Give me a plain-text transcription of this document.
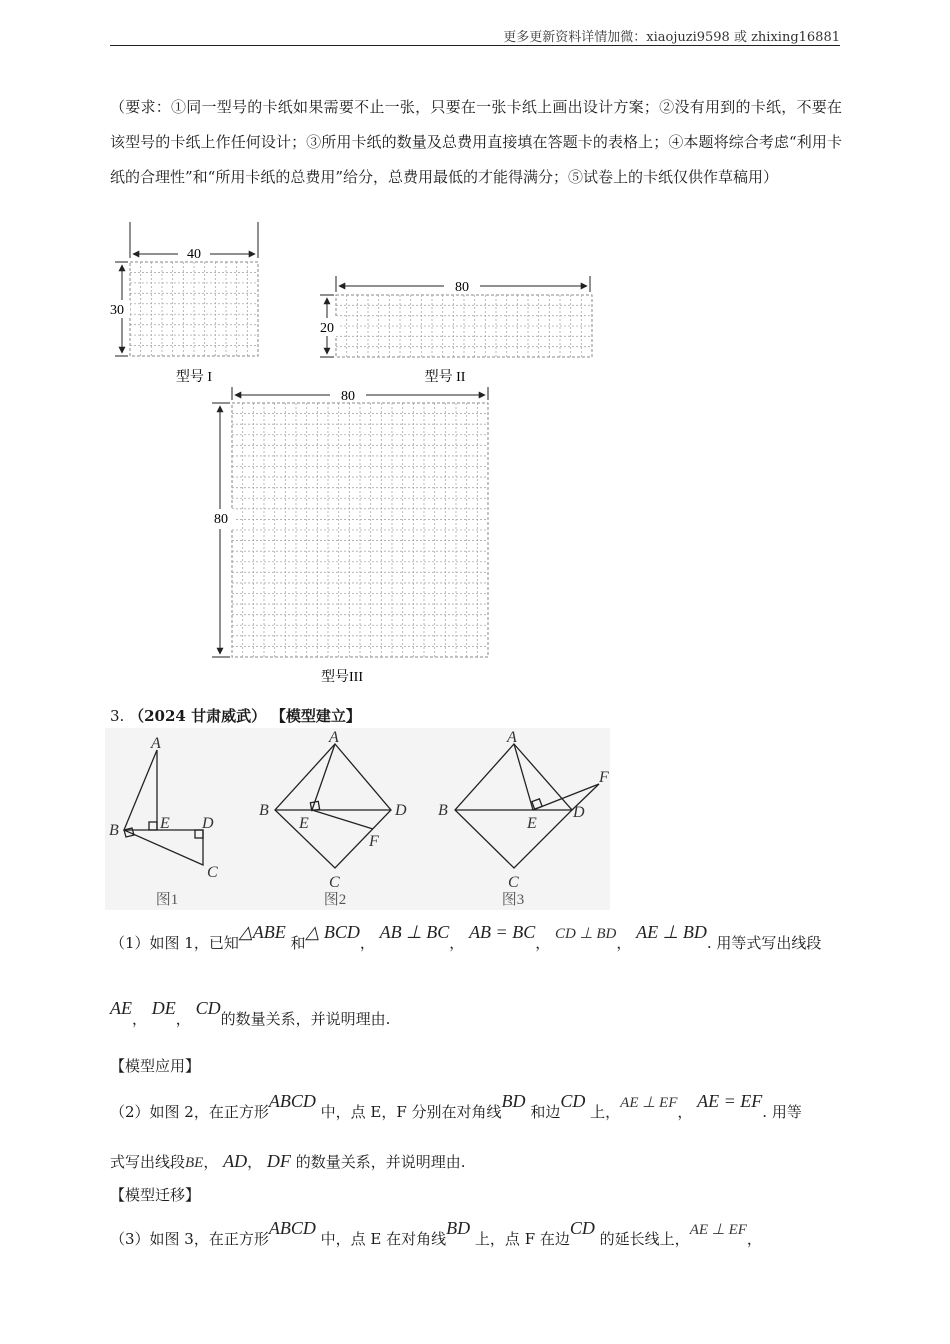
更多更新资料详情加微：xiaojuzi9598 或 zhixing16881
（要求：①同一型号的卡纸如果需要不止一张，只要在一张卡纸上画出设计方案；②没有用到的卡纸，不要在该型号的卡纸上作任何设计；③所用卡纸的数量及总费用直接填在答题卡的表格上；④本题将综合考虑“利用卡纸的合理性”和“所用卡纸的总费用”给分，总费用最低的才能得满分；⑤试卷上的卡纸仅供作草稿用）
40
30
型号 I
80
20
型号 II
80
80
型号III
3. （2024 甘肃威武） 【模型建立】
A
B
C
D
E
图1
A
B
C
D
E
F
图2
A
B
C
D
E
F
图3
（1）如图 1，已知△ABE 和△ BCD， AB ⊥ BC， AB = BC， CD ⊥ BD， AE ⊥ BD. 用等式写出线段
AE， DE， CD的数量关系，并说明理由.
【模型应用】
（2）如图 2，在正方形ABCD 中，点 E，F 分别在对角线BD 和边CD 上，AE ⊥ EF， AE = EF. 用等
式写出线段BE， AD， DF 的数量关系，并说明理由.
【模型迁移】
（3）如图 3，在正方形ABCD 中，点 E 在对角线BD 上，点 F 在边CD 的延长线上，AE ⊥ EF，
